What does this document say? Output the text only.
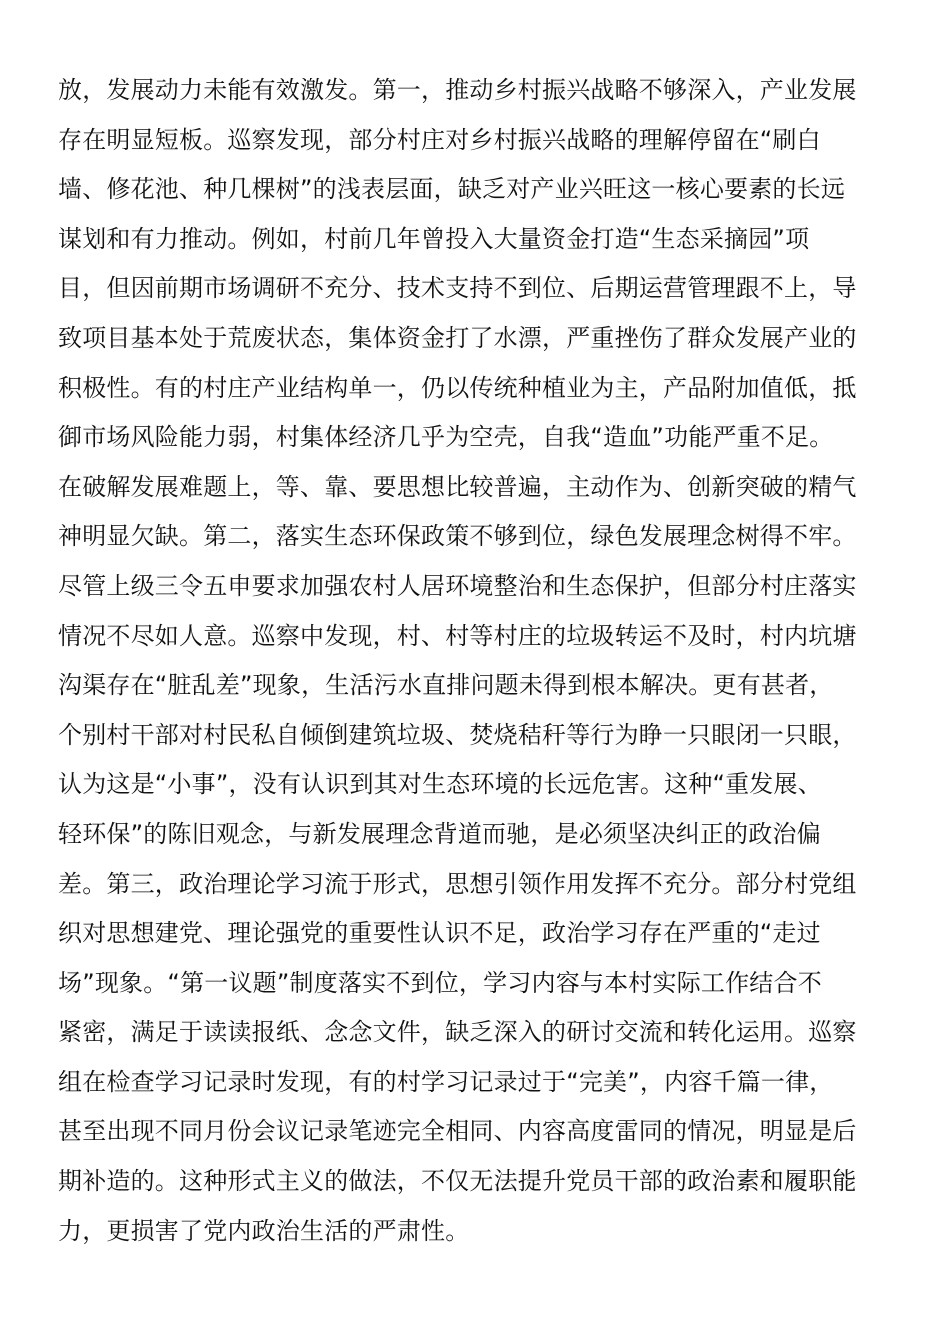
放，发展动力未能有效激发。第一，推动乡村振兴战略不够深入，产业发展
存在明显短板。巡察发现，部分村庄对乡村振兴战略的理解停留在“刷白
墙、修花池、种几棵树”的浅表层面，缺乏对产业兴旺这一核心要素的长远
谋划和有力推动。例如，村前几年曾投入大量资金打造“生态采摘园”项
目，但因前期市场调研不充分、技术支持不到位、后期运营管理跟不上，导
致项目基本处于荒废状态，集体资金打了水漂，严重挫伤了群众发展产业的
积极性。有的村庄产业结构单一，仍以传统种植业为主，产品附加值低，抵
御市场风险能力弱，村集体经济几乎为空壳，自我“造血”功能严重不足。
在破解发展难题上，等、靠、要思想比较普遍，主动作为、创新突破的精气
神明显欠缺。第二，落实生态环保政策不够到位，绿色发展理念树得不牢。
尽管上级三令五申要求加强农村人居环境整治和生态保护，但部分村庄落实
情况不尽如人意。巡察中发现，村、村等村庄的垃圾转运不及时，村内坑塘
沟渠存在“脏乱差”现象，生活污水直排问题未得到根本解决。更有甚者，
个别村干部对村民私自倾倒建筑垃圾、焚烧秸秆等行为睁一只眼闭一只眼，
认为这是“小事”，没有认识到其对生态环境的长远危害。这种“重发展、
轻环保”的陈旧观念，与新发展理念背道而驰，是必须坚决纠正的政治偏
差。第三，政治理论学习流于形式，思想引领作用发挥不充分。部分村党组
织对思想建党、理论强党的重要性认识不足，政治学习存在严重的“走过
场”现象。“第一议题”制度落实不到位，学习内容与本村实际工作结合不
紧密，满足于读读报纸、念念文件，缺乏深入的研讨交流和转化运用。巡察
组在检查学习记录时发现，有的村学习记录过于“完美”，内容千篇一律，
甚至出现不同月份会议记录笔迹完全相同、内容高度雷同的情况，明显是后
期补造的。这种形式主义的做法，不仅无法提升党员干部的政治素和履职能
力，更损害了党内政治生活的严肃性。
